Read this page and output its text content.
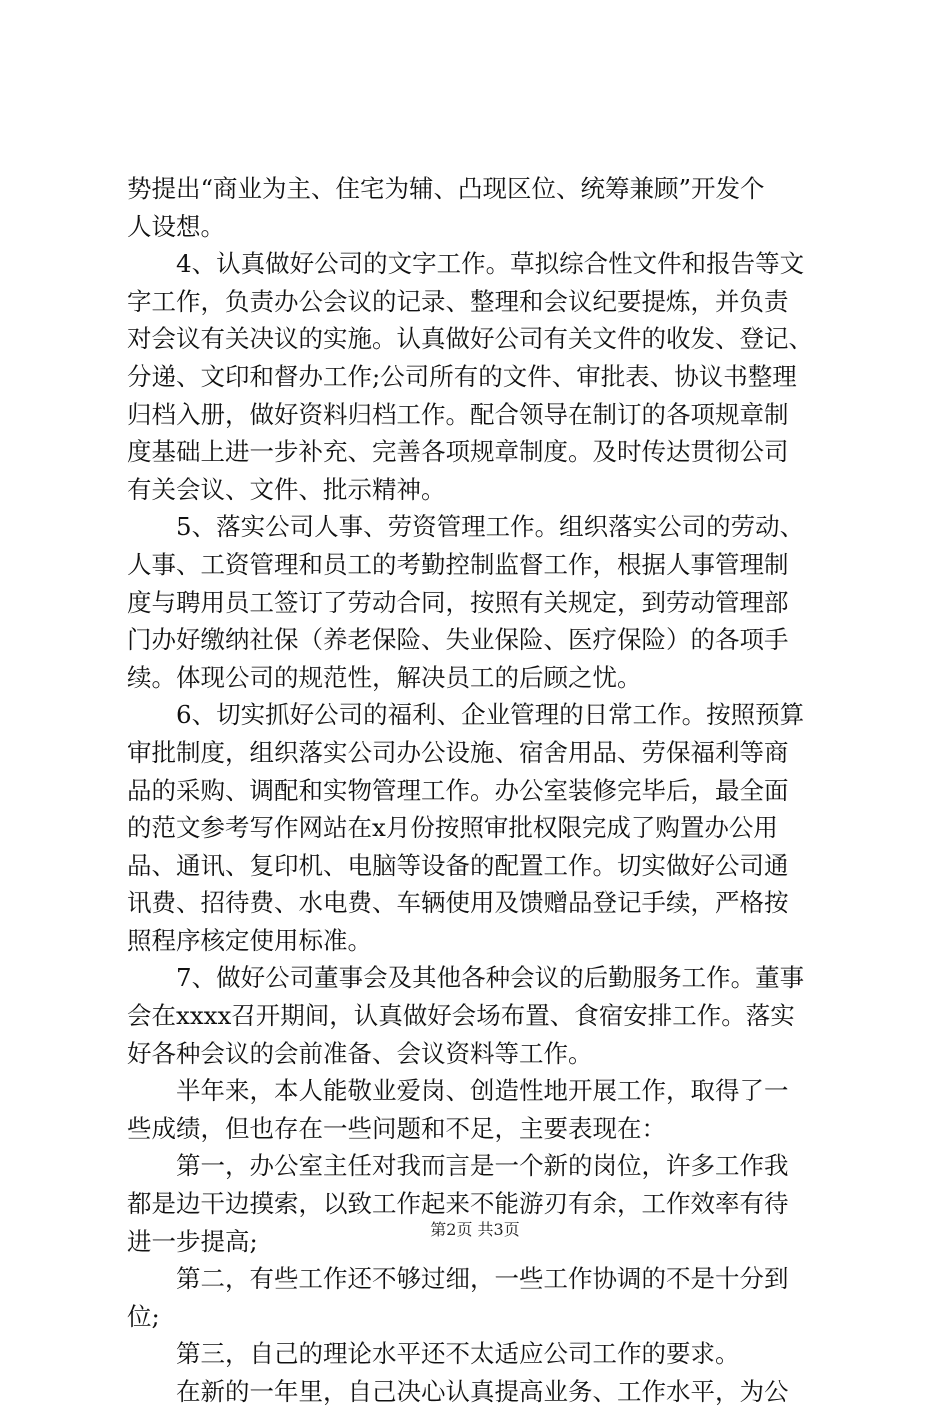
势提出“商业为主、住宅为辅、凸现区位、统筹兼顾”开发个
人设想。
　　4、认真做好公司的文字工作。草拟综合性文件和报告等文
字工作，负责办公会议的记录、整理和会议纪要提炼，并负责
对会议有关决议的实施。认真做好公司有关文件的收发、登记、
分递、文印和督办工作;公司所有的文件、审批表、协议书整理
归档入册，做好资料归档工作。配合领导在制订的各项规章制
度基础上进一步补充、完善各项规章制度。及时传达贯彻公司
有关会议、文件、批示精神。
　　5、落实公司人事、劳资管理工作。组织落实公司的劳动、
人事、工资管理和员工的考勤控制监督工作，根据人事管理制
度与聘用员工签订了劳动合同，按照有关规定，到劳动管理部
门办好缴纳社保（养老保险、失业保险、医疗保险）的各项手
续。体现公司的规范性，解决员工的后顾之忧。
　　6、切实抓好公司的福利、企业管理的日常工作。按照预算
审批制度，组织落实公司办公设施、宿舍用品、劳保福利等商
品的采购、调配和实物管理工作。办公室装修完毕后，最全面
的范文参考写作网站在x月份按照审批权限完成了购置办公用
品、通讯、复印机、电脑等设备的配置工作。切实做好公司通
讯费、招待费、水电费、车辆使用及馈赠品登记手续，严格按
照程序核定使用标准。
　　7、做好公司董事会及其他各种会议的后勤服务工作。董事
会在xxxx召开期间，认真做好会场布置、食宿安排工作。落实
好各种会议的会前准备、会议资料等工作。
　　半年来，本人能敬业爱岗、创造性地开展工作，取得了一
些成绩，但也存在一些问题和不足，主要表现在：
　　第一，办公室主任对我而言是一个新的岗位，许多工作我
都是边干边摸索，以致工作起来不能游刃有余，工作效率有待
进一步提高;
　　第二，有些工作还不够过细，一些工作协调的不是十分到
位;
　　第三，自己的理论水平还不太适应公司工作的要求。
　　在新的一年里，自己决心认真提高业务、工作水平，为公
第2页 共3页
